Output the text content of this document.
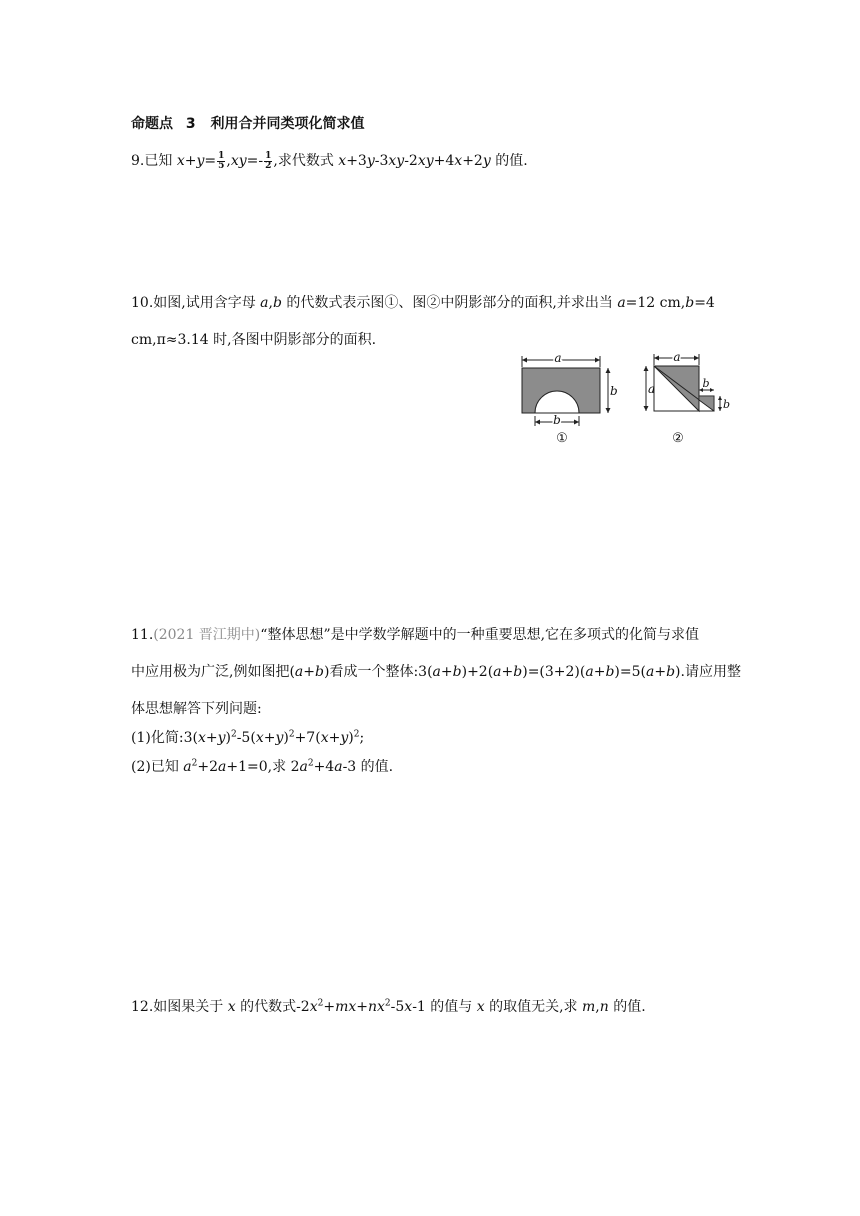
命题点 3 利用合并同类项化简求值
9.已知 $x+y= \frac{1}{5} ,xy=- \frac{1}{2}$ ,求代数式 x+3y-3xy-2xy+4x+2y 的值.
10.如图,试用含字母 a,b 的代数式表示图①、图②中阴影部分的面积,并求出当 a=12 cm,b=4
cm,π≈3.14 时,各图中阴影部分的面积.
a
b
b
①
a
a	b
b
②
11.(2021 晋江期中)“整体思想”是中学数学解题中的一种重要思想,它在多项式的化简与求值
中应用极为广泛,例如图把(a+b)看成一个整体:3(a+b)+2(a+b)=(3+2)(a+b)=5(a+b).请应用整
体思想解答下列问题:
(1)化简$:3(x+y)^2-5(x+y)^2+7(x+y)^2$;
(2)已知 $a^2+2a+1=0$,求 $2a^2+4a-3$ 的值.
12.如图果关于 x 的代数式$-2x^2+mx+nx^2-5x-1$ 的值与 x 的取值无关,求 m,n 的值.
